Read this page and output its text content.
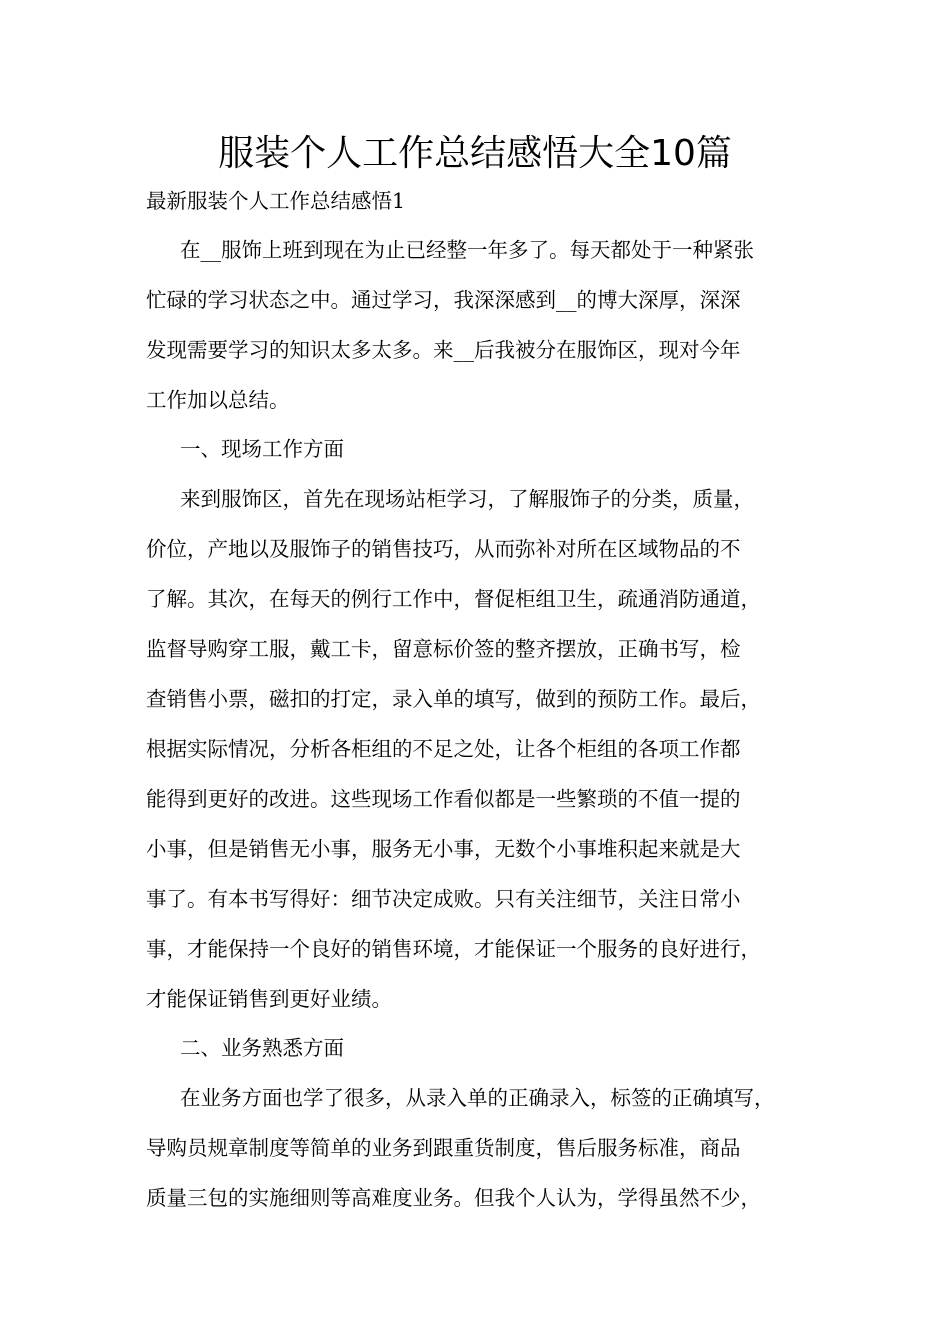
服装个人工作总结感悟大全10篇
最新服装个人工作总结感悟1
在__服饰上班到现在为止已经整一年多了。每天都处于一种紧张
忙碌的学习状态之中。通过学习，我深深感到__的博大深厚，深深
发现需要学习的知识太多太多。来__后我被分在服饰区，现对今年
工作加以总结。
一、现场工作方面
来到服饰区，首先在现场站柜学习，了解服饰子的分类，质量，
价位，产地以及服饰子的销售技巧，从而弥补对所在区域物品的不
了解。其次，在每天的例行工作中，督促柜组卫生，疏通消防通道，
监督导购穿工服，戴工卡，留意标价签的整齐摆放，正确书写，检
查销售小票，磁扣的打定，录入单的填写，做到的预防工作。最后，
根据实际情况，分析各柜组的不足之处，让各个柜组的各项工作都
能得到更好的改进。这些现场工作看似都是一些繁琐的不值一提的
小事，但是销售无小事，服务无小事，无数个小事堆积起来就是大
事了。有本书写得好：细节决定成败。只有关注细节，关注日常小
事，才能保持一个良好的销售环境，才能保证一个服务的良好进行，
才能保证销售到更好业绩。
二、业务熟悉方面
在业务方面也学了很多，从录入单的正确录入，标签的正确填写，
导购员规章制度等简单的业务到跟重货制度，售后服务标准，商品
质量三包的实施细则等高难度业务。但我个人认为，学得虽然不少，
